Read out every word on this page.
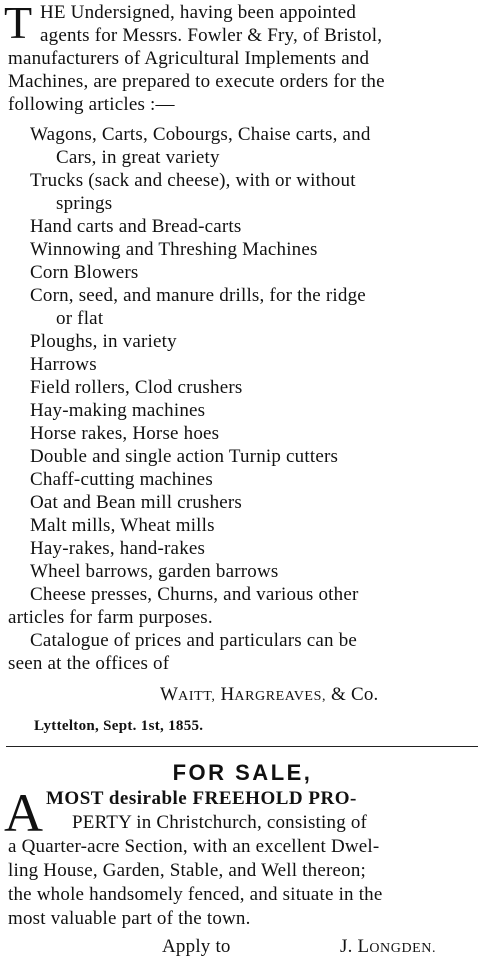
T HE Undersigned, having been appointed
agents for Messrs. Fowler & Fry, of Bristol,
manufacturers of Agricultural Implements and
Machines, are prepared to execute orders for the
following articles :—
Wagons, Carts, Cobourgs, Chaise carts, and
Cars, in great variety
Trucks (sack and cheese), with or without
springs
Hand carts and Bread-carts
Winnowing and Threshing Machines
Corn Blowers
Corn, seed, and manure drills, for the ridge
or flat
Ploughs, in variety
Harrows
Field rollers, Clod crushers
Hay-making machines
Horse rakes, Horse hoes
Double and single action Turnip cutters
Chaff-cutting machines
Oat and Bean mill crushers
Malt mills, Wheat mills
Hay-rakes, hand-rakes
Wheel barrows, garden barrows
Cheese presses, Churns, and various other
articles for farm purposes.
Catalogue of prices and particulars can be
seen at the offices of
WAITT, HARGREAVES, & Co.
Lyttelton, Sept. 1st, 1855.
FOR SALE,
A MOST desirable FREEHOLD PRO-
PERTY in Christchurch, consisting of
a Quarter-acre Section, with an excellent Dwel-
ling House, Garden, Stable, and Well thereon;
the whole handsomely fenced, and situate in the
most valuable part of the town.
Apply to	J. LONGDEN.
